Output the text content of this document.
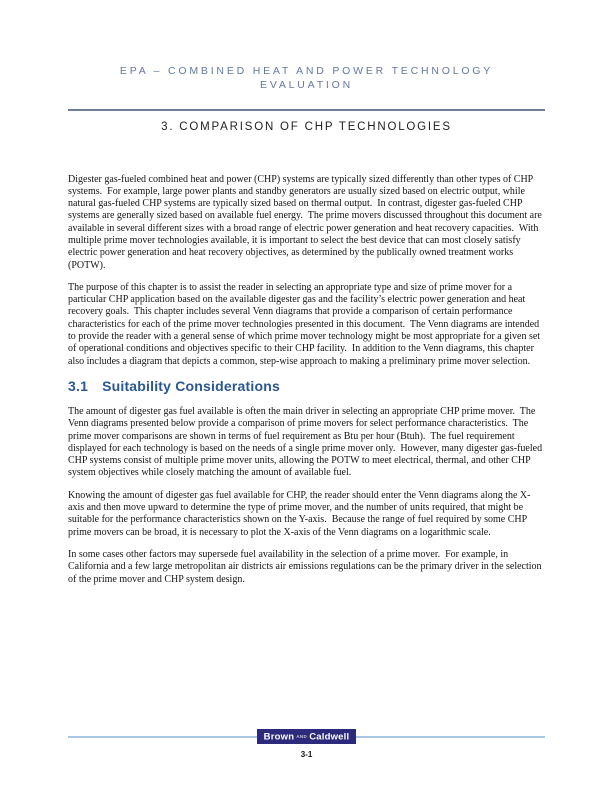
EPA – COMBINED HEAT AND POWER TECHNOLOGY
EVALUATION
3. COMPARISON OF CHP TECHNOLOGIES

Digester gas-fueled combined heat and power (CHP) systems are typically sized differently than other types of CHP systems.  For example, large power plants and standby generators are usually sized based on electric output, while natural gas-fueled CHP systems are typically sized based on thermal output.  In contrast, digester gas-fueled CHP systems are generally sized based on available fuel energy.  The prime movers discussed throughout this document are available in several different sizes with a broad range of electric power generation and heat recovery capacities.  With multiple prime mover technologies available, it is important to select the best device that can most closely satisfy electric power generation and heat recovery objectives, as determined by the publically owned treatment works (POTW).

The purpose of this chapter is to assist the reader in selecting an appropriate type and size of prime mover for a particular CHP application based on the available digester gas and the facility’s electric power generation and heat recovery goals.  This chapter includes several Venn diagrams that provide a comparison of certain performance characteristics for each of the prime mover technologies presented in this document.  The Venn diagrams are intended to provide the reader with a general sense of which prime mover technology might be most appropriate for a given set of operational conditions and objectives specific to their CHP facility.  In addition to the Venn diagrams, this chapter also includes a diagram that depicts a common, step-wise approach to making a preliminary prime mover selection.

3.1 Suitability Considerations

The amount of digester gas fuel available is often the main driver in selecting an appropriate CHP prime mover.  The Venn diagrams presented below provide a comparison of prime movers for select performance characteristics.  The prime mover comparisons are shown in terms of fuel requirement as Btu per hour (Btuh).  The fuel requirement displayed for each technology is based on the needs of a single prime mover only.  However, many digester gas-fueled CHP systems consist of multiple prime mover units, allowing the POTW to meet electrical, thermal, and other CHP system objectives while closely matching the amount of available fuel.

Knowing the amount of digester gas fuel available for CHP, the reader should enter the Venn diagrams along the X-axis and then move upward to determine the type of prime mover, and the number of units required, that might be suitable for the performance characteristics shown on the Y-axis.  Because the range of fuel required by some CHP prime movers can be broad, it is necessary to plot the X-axis of the Venn diagrams on a logarithmic scale.

In some cases other factors may supersede fuel availability in the selection of a prime mover.  For example, in California and a few large metropolitan air districts air emissions regulations can be the primary driver in the selection of the prime mover and CHP system design.

Brown AND Caldwell
3-1
